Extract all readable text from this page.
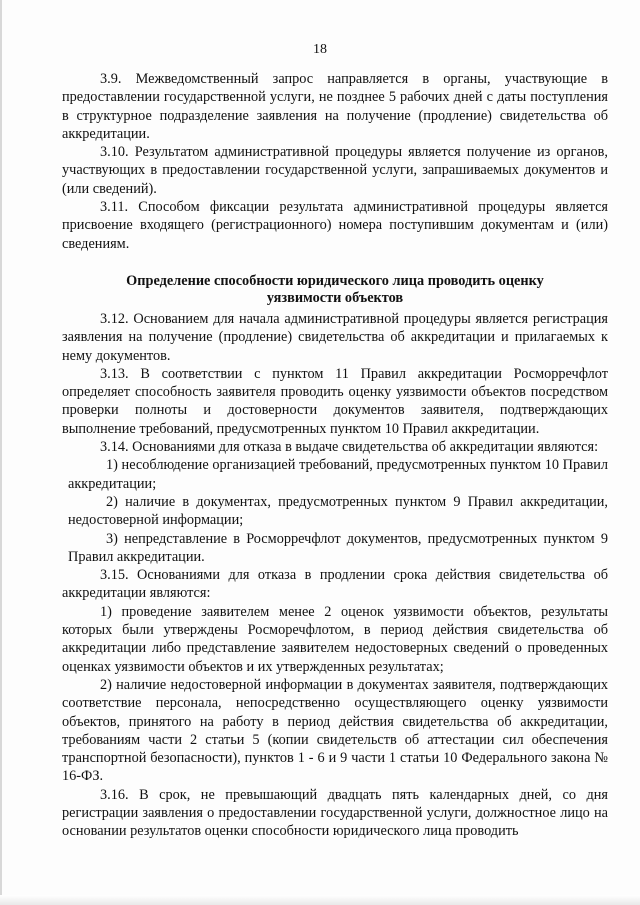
18

3.9. Межведомственный запрос направляется в органы, участвующие в предоставлении государственной услуги, не позднее 5 рабочих дней с даты поступления в структурное подразделение заявления на получение (продление) свидетельства об аккредитации.

3.10. Результатом административной процедуры является получение из органов, участвующих в предоставлении государственной услуги, запрашиваемых документов и (или сведений).

3.11. Способом фиксации результата административной процедуры является присвоение входящего (регистрационного) номера поступившим документам и (или) сведениям.

Определение способности юридического лица проводить оценку
уязвимости объектов

3.12. Основанием для начала административной процедуры является регистрация заявления на получение (продление) свидетельства об аккредитации и прилагаемых к нему документов.

3.13. В соответствии с пунктом 11 Правил аккредитации Росморречфлот определяет способность заявителя проводить оценку уязвимости объектов посредством проверки полноты и достоверности документов заявителя, подтверждающих выполнение требований, предусмотренных пунктом 10 Правил аккредитации.

3.14. Основаниями для отказа в выдаче свидетельства об аккредитации являются:

1) несоблюдение организацией требований, предусмотренных пунктом 10 Правил аккредитации;

2) наличие в документах, предусмотренных пунктом 9 Правил аккредитации, недостоверной информации;

3) непредставление в Росморречфлот документов, предусмотренных пунктом 9 Правил аккредитации.

3.15. Основаниями для отказа в продлении срока действия свидетельства об аккредитации являются:

1) проведение заявителем менее 2 оценок уязвимости объектов, результаты которых были утверждены Росморечфлотом, в период действия свидетельства об аккредитации либо представление заявителем недостоверных сведений о проведенных оценках уязвимости объектов и их утвержденных результатах;

2) наличие недостоверной информации в документах заявителя, подтверждающих соответствие персонала, непосредственно осуществляющего оценку уязвимости объектов, принятого на работу в период действия свидетельства об аккредитации, требованиям части 2 статьи 5 (копии свидетельств об аттестации сил обеспечения транспортной безопасности), пунктов 1 - 6 и 9 части 1 статьи 10 Федерального закона № 16-ФЗ.

3.16. В срок, не превышающий двадцать пять календарных дней, со дня регистрации заявления о предоставлении государственной услуги, должностное лицо на основании результатов оценки способности юридического лица проводить
